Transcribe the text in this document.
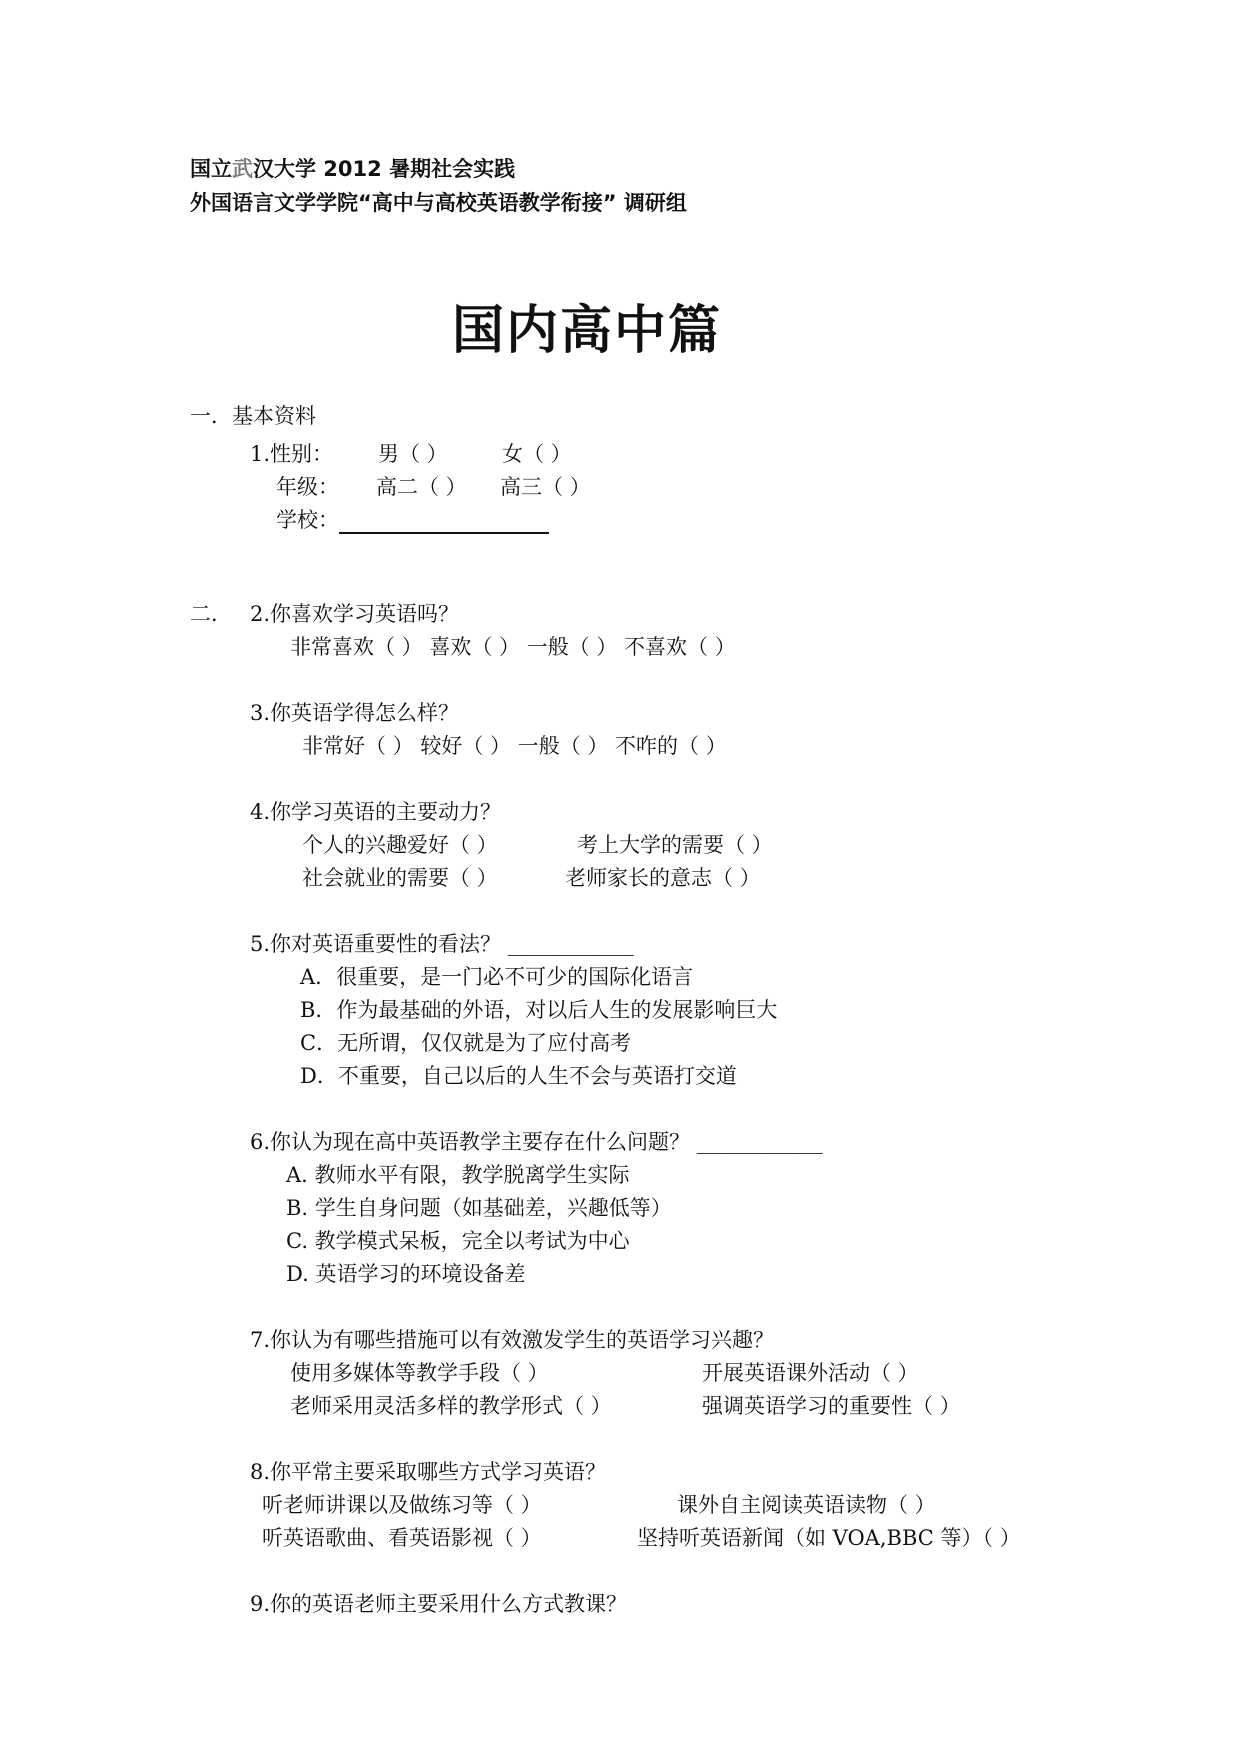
国立武汉大学 2012 暑期社会实践
外国语言文学学院“高中与高校英语教学衔接” 调研组
国内高中篇
一．基本资料
1.性别： 男（ ）	女（ ）
年级： 高二（ ） 高三（ ）
学校：
二． 2.你喜欢学习英语吗？
非常喜欢（ ） 喜欢（ ） 一般（ ） 不喜欢（ ）
3.你英语学得怎么样？
非常好（ ） 较好（ ） 一般（ ） 不咋的（ ）
4.你学习英语的主要动力？
个人的兴趣爱好（ ）	考上大学的需要（ ）
社会就业的需要（ ）	老师家长的意志（ ）
5.你对英语重要性的看法？ ____________
A．很重要，是一门必不可少的国际化语言
B．作为最基础的外语，对以后人生的发展影响巨大
C．无所谓，仅仅就是为了应付高考
D．不重要，自己以后的人生不会与英语打交道
6.你认为现在高中英语教学主要存在什么问题？ ____________
A. 教师水平有限，教学脱离学生实际
B. 学生自身问题（如基础差，兴趣低等）
C. 教学模式呆板，完全以考试为中心
D. 英语学习的环境设备差
7.你认为有哪些措施可以有效激发学生的英语学习兴趣？
使用多媒体等教学手段（ ）	开展英语课外活动（ ）
老师采用灵活多样的教学形式（ ）	强调英语学习的重要性（ ）
8.你平常主要采取哪些方式学习英语？
听老师讲课以及做练习等（ ）	课外自主阅读英语读物（ ）
听英语歌曲、看英语影视（ ）	坚持听英语新闻（如 VOA,BBC 等）（ ）
9.你的英语老师主要采用什么方式教课？
